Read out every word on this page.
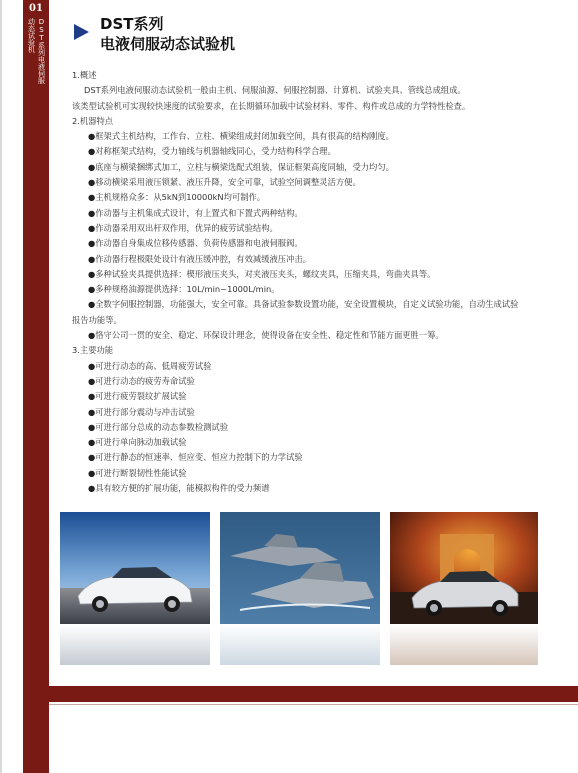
01
DST系列电液伺服
动态试验机	DST系列
电液伺服动态试验机
1.概述
DST系列电液伺服动态试验机一般由主机、伺服油源、伺服控制器、计算机、试验夹具、管线总成组成。
该类型试验机可实现较快速度的试验要求，在长期循环加载中试验材料、零件、构件或总成的力学特性检查。
2.机器特点
●框架式主机结构，工作台、立柱、横梁组成封闭加载空间，具有很高的结构刚度。
●对称框架式结构，受力轴线与机器轴线同心，受力结构科学合理。
●底座与横梁捆绑式加工，立柱与横梁选配式组装，保证框架高度同轴，受力均匀。
●移动横梁采用液压锁紧、液压升降，安全可靠，试验空间调整灵活方便。
●主机规格众多：从5kN到10000kN均可制作。
●作动器与主机集成式设计，有上置式和下置式两种结构。
●作动器采用双出杆双作用，优异的疲劳试验结构。
●作动器自身集成位移传感器、负荷传感器和电液伺服阀。
●作动器行程极限处设计有液压缓冲腔，有效减缓液压冲击。
●多种试验夹具提供选择：楔形液压夹头，对夹液压夹头，螺纹夹具，压缩夹具，弯曲夹具等。
●多种规格油源提供选择：10L/min~1000L/min。
●全数字伺服控制器，功能强大，安全可靠。具备试验参数设置功能，安全设置模块，自定义试验功能，自动生成试验
报告功能等。
●恪守公司一贯的安全、稳定、环保设计理念，使得设备在安全性、稳定性和节能方面更胜一筹。
3.主要功能
●可进行动态的高、低周疲劳试验
●可进行动态的疲劳寿命试验
●可进行疲劳裂纹扩展试验
●可进行部分震动与冲击试验
●可进行部分总成的动态参数检测试验
●可进行单向脉动加载试验
●可进行静态的恒速率、恒应变、恒应力控制下的力学试验
●可进行断裂韧性性能试验
●具有较方便的扩展功能，能模拟构件的受力频谱
